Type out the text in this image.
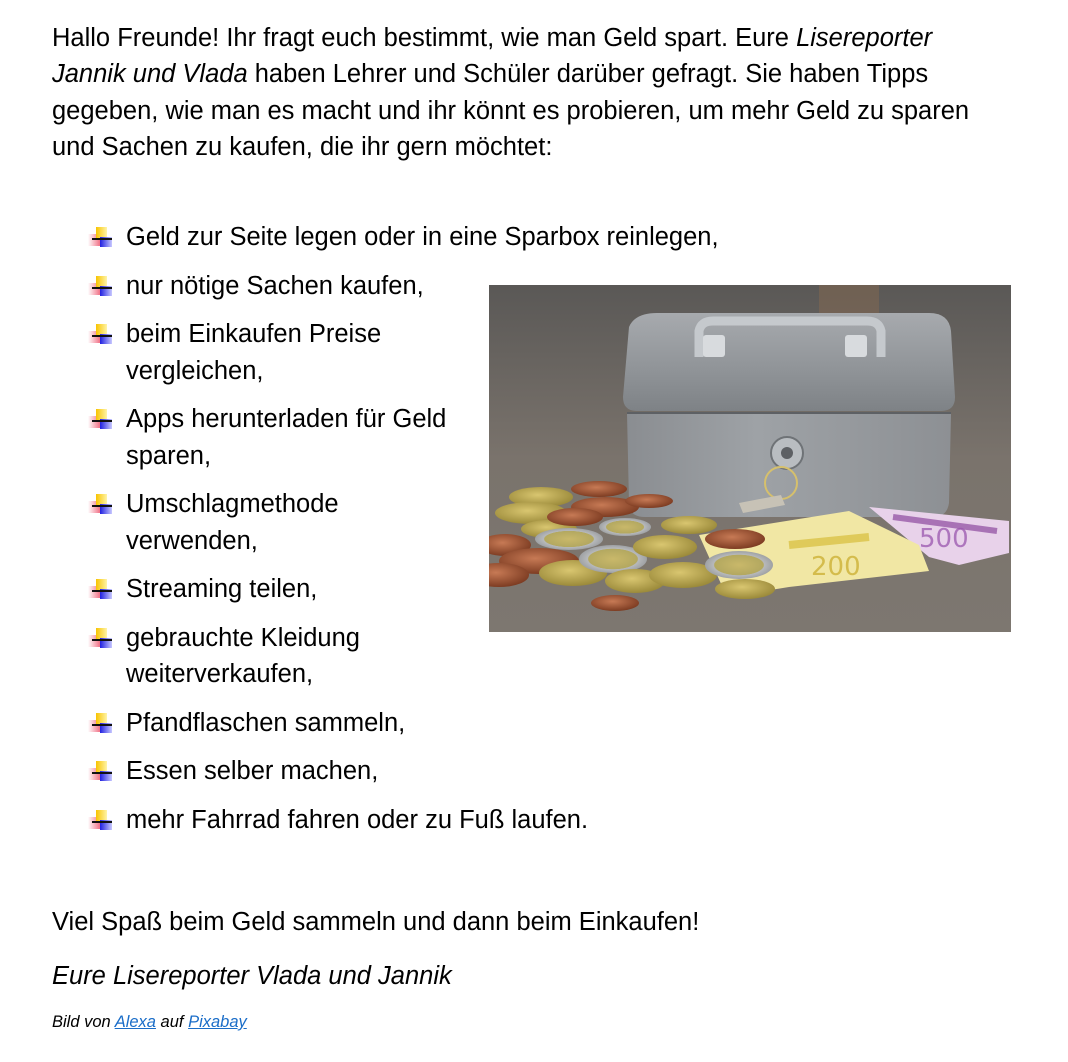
Hallo Freunde! Ihr fragt euch bestimmt, wie man Geld spart. Eure Lisereporter Jannik und Vlada haben Lehrer und Schüler darüber gefragt. Sie haben Tipps gegeben, wie man es macht und ihr könnt es probieren, um mehr Geld zu sparen und Sachen zu kaufen, die ihr gern möchtet:

Geld zur Seite legen oder in eine Sparbox reinlegen,
nur nötige Sachen kaufen,
beim Einkaufen Preise vergleichen,
Apps herunterladen für Geld sparen,
Umschlagmethode verwenden,
Streaming teilen,
gebrauchte Kleidung weiterverkaufen,
Pfandflaschen sammeln,
Essen selber machen,
mehr Fahrrad fahren oder zu Fuß laufen.
500
200

Viel Spaß beim Geld sammeln und dann beim Einkaufen!

Eure Lisereporter Vlada und Jannik

Bild von Alexa auf Pixabay
